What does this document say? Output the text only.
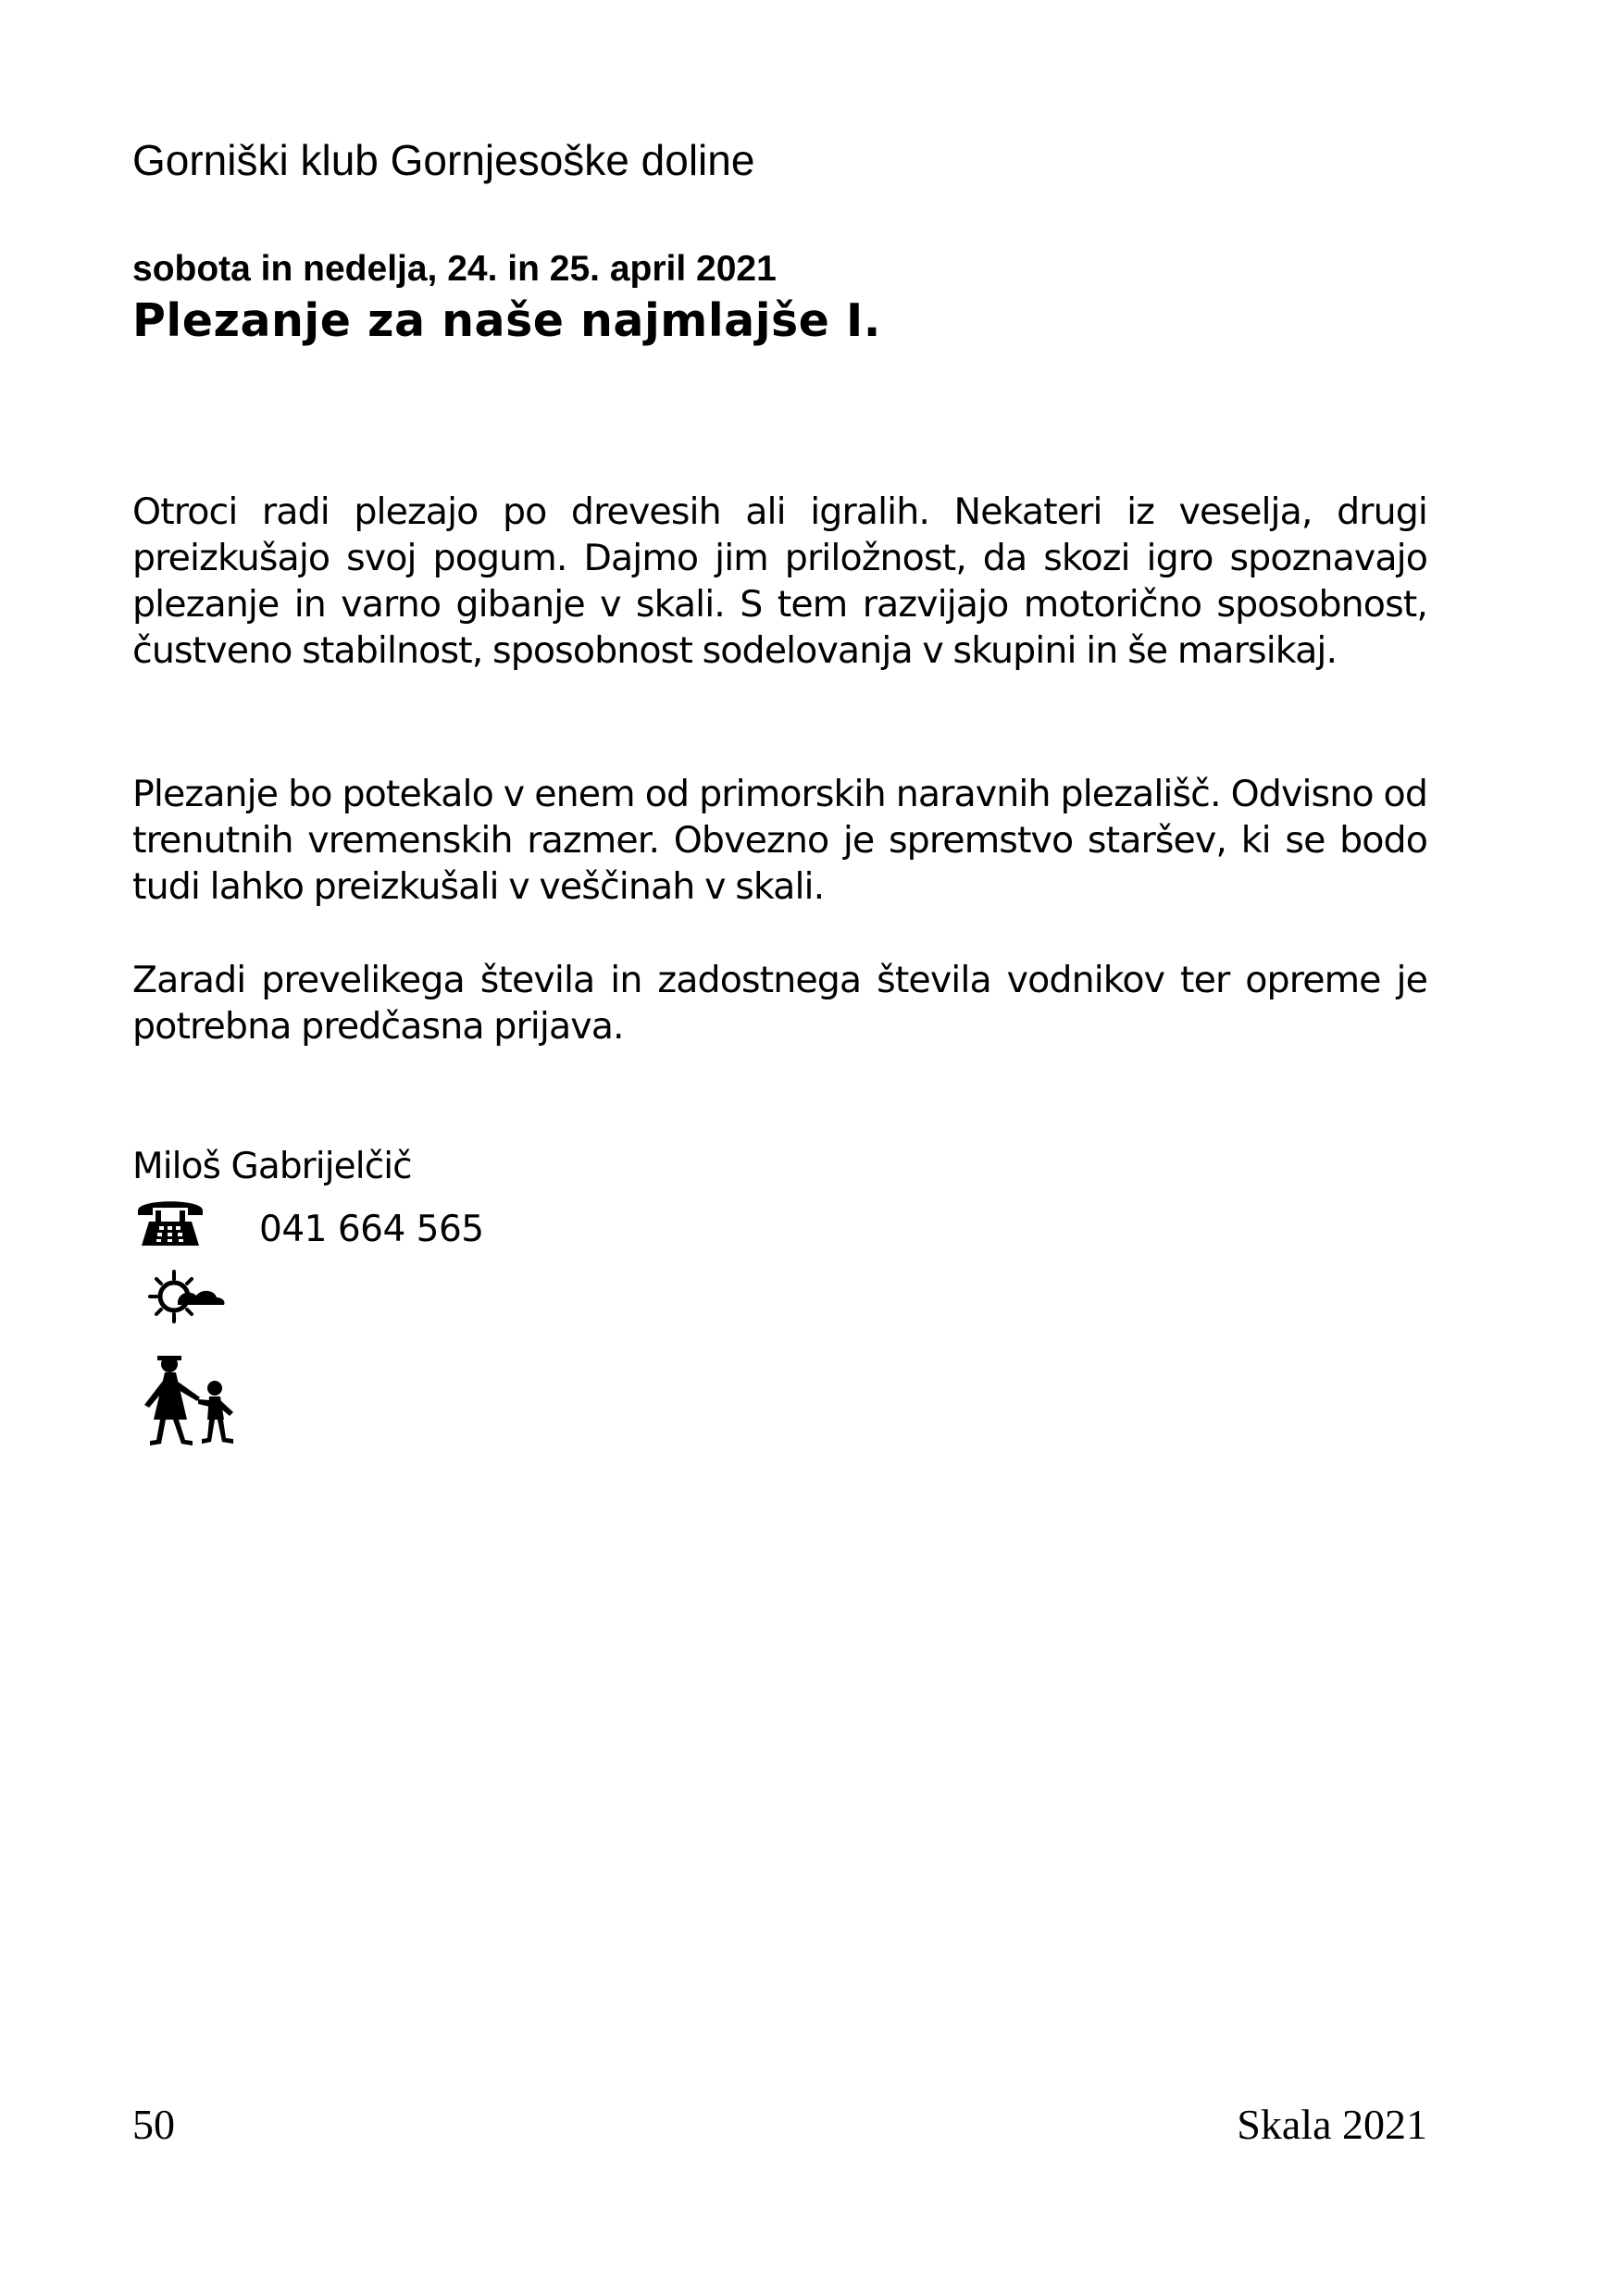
Gorniški klub Gornjesoške doline
sobota in nedelja, 24. in 25. april 2021
Plezanje za naše najmlajše I.

Otroci radi plezajo po drevesih ali igralih. Nekateri iz veselja, drugi preizkušajo svoj pogum. Dajmo jim priložnost, da skozi igro spoznavajo plezanje in varno gibanje v skali. S tem razvijajo motorično sposobnost, čustveno stabilnost, sposobnost sodelovanja v skupini in še marsikaj.

Plezanje bo potekalo v enem od primorskih naravnih plezališč. Odvisno od trenutnih vremenskih razmer. Obvezno je spremstvo staršev, ki se bodo tudi lahko preizkušali v veščinah v skali.

Zaradi prevelikega števila in zadostnega števila vodnikov ter opreme je potrebna predčasna prijava.

Miloš Gabrijelčič
041 664 565
50	Skala 2021
